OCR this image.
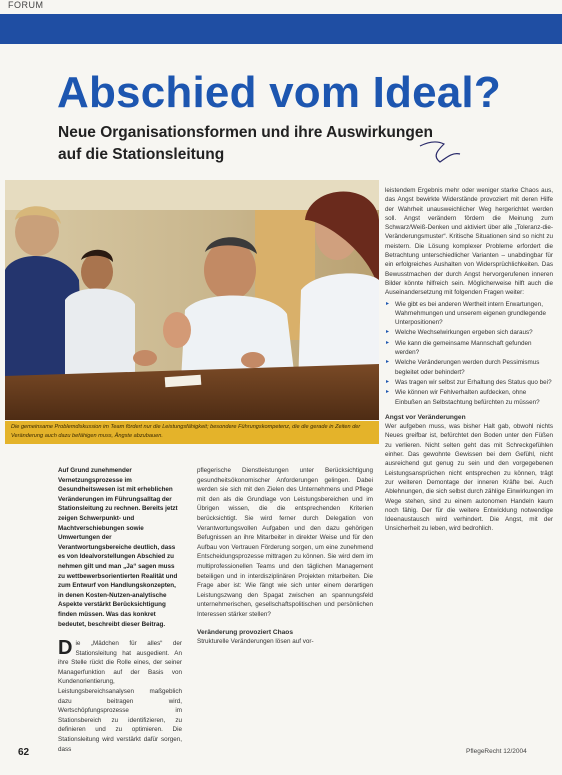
FORUM
Abschied vom Ideal?
Neue Organisationsformen und ihre Auswirkungen auf die Stationsleitung
Die gemeinsame Problemdiskussion im Team fördert nur die Leistungsfähigkeit; besondere Führungskompetenz, die die gerade in Zeiten der Veränderung auch dazu befähigen muss, Ängste abzubauen.

leistendem Ergebnis mehr oder weniger starke Chaos aus, das Angst bewirkte Widerstände provoziert mit deren Hilfe der Wahrheit unausweichlicher Weg hergerichtet werden soll. Angst verändern fördern die Meinung zum Schwarz/Weiß-Denken und aktiviert über alle „Toleranz-die-Veränderungsmuster“. Kritische Situationen sind so nicht zu meistern. Die Lösung komplexer Probleme erfordert die Betrachtung unterschiedlicher Varianten – unabdingbar für ein erfolgreiches Aushalten von Widersprüchlichkeiten. Das Bewusstmachen der durch Angst hervorgerufenen inneren Bilder könnte hilfreich sein. Möglicherweise hilft auch die Auseinandersetzung mit folgenden Fragen weiter:

▸ Wie gibt es bei anderen Wertheit intern Erwartungen, Wahrnehmungen und unserem eigenen grundlegende Unterpositionen?
▸ Welche Wechselwirkungen ergeben sich daraus?
▸ Wie kann die gemeinsame Mannschaft gefunden werden?
▸ Welche Veränderungen werden durch Pessimismus begleitet oder behindert?
▸ Was tragen wir selbst zur Erhaltung des Status quo bei?
▸ Wie können wir Fehlverhalten aufdecken, ohne Einbußen an Selbstachtung befürchten zu müssen?
Angst vor Veränderungen

Wer aufgeben muss, was bisher Halt gab, obwohl nichts Neues greifbar ist, befürchtet den Boden unter den Füßen zu verlieren. Nicht selten geht das mit Schreckgefühlen einher. Das gewohnte Gewissen bei dem Gefühl, nicht ausreichend gut genug zu sein und den vorgegebenen Leistungsansprüchen nicht entsprechen zu können, trägt zur weiteren Demontage der inneren Kräfte bei. Auch Ablehnungen, die sich selbst durch zählige Einwirkungen im Wege stehen, sind zu einem autonomen Handeln kaum noch fähig. Der für die weitere Entwicklung notwendige Ideenaustausch wird verhindert. Die Angst, mit der Unsicherheit zu leben, wird bedrohlich.

Auf Grund zunehmender Vernetzungsprozesse im Gesundheitswesen ist mit erheblichen Veränderungen im Führungsalltag der Stationsleitung zu rechnen. Bereits jetzt zeigen Schwerpunkt- und Machtverschiebungen sowie Umwertungen der Verantwortungsbereiche deutlich, dass es von Idealvorstellungen Abschied zu nehmen gilt und man „Ja“ sagen muss zu wettbewerbsorientierten Realität und zum Entwurf von Handlungskonzepten, in denen Kosten-Nutzen-analytische Aspekte verstärkt Berücksichtigung finden müssen. Was das konkret bedeutet, beschreibt dieser Beitrag.

Die „Mädchen für alles“ der Stationsleitung hat ausgedient. An ihre Stelle rückt die Rolle eines, der seiner Managerfunktion auf der Basis von Kundenorientierung, Leistungsbereichsanalysen maßgeblich dazu beitragen wird, Wertschöpfungsprozesse im Stationsbereich zu identifizieren, zu definieren und zu optimieren. Die Stationsleitung wird verstärkt dafür sorgen, dass

pflegerische Dienstleistungen unter Berücksichtigung gesundheitsökonomischer Anforderungen gelingen. Dabei werden sie sich mit den Zielen des Unternehmens und Pflege mit den als die Grundlage von Leistungsbereichen und im Übrigen wissen, die die entsprechenden Kriterien berücksichtigt. Sie wird ferner durch Delegation von Verantwortungsvollen Aufgaben und den dazu gehörigen Befugnissen an ihre Mitarbeiter in direkter Weise und für den Aufbau von Vertrauen Förderung sorgen, um eine zunehmend Entscheidungsprozesse mittragen zu können. Sie wird dem im multiprofessionellen Teams und den täglichen Management beteiligen und in interdisziplinären Projekten mitarbeiten. Die Frage aber ist: Wie fängt wie sich unter einem derartigen Leistungszwang den Spagat zwischen an spannungsfeld unternehmerischen, gesellschaftspolitischen und persönlichen Interessen stärker stellen?

Veränderung provoziert Chaos

Strukturelle Veränderungen lösen auf vor-

62	PflegeRecht 12/2004
